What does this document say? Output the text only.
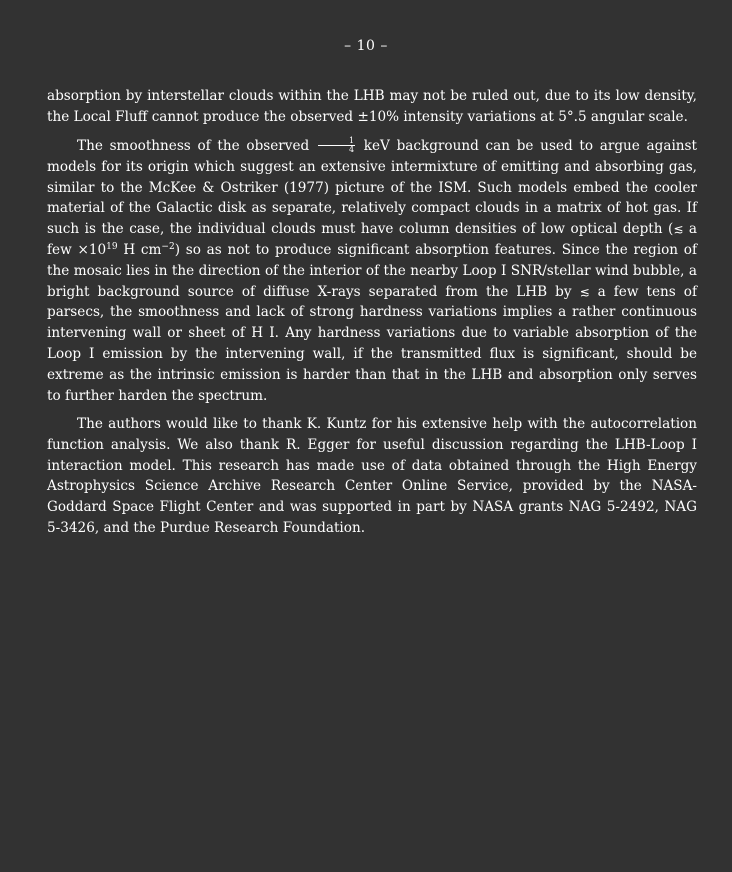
– 10 –

absorption by interstellar clouds within the LHB may not be ruled out, due to its low density, the Local Fluff cannot produce the observed ±10% intensity variations at 5°.5 angular scale.

The smoothness of the observed $\frac{1}{4}$ keV background can be used to argue against models for its origin which suggest an extensive intermixture of emitting and absorbing gas, similar to the McKee & Ostriker (1977) picture of the ISM. Such models embed the cooler material of the Galactic disk as separate, relatively compact clouds in a matrix of hot gas. If such is the case, the individual clouds must have column densities of low optical depth (≲ a few $\times 10^{19}$ H $cm^{-2}$) so as not to produce significant absorption features. Since the region of the mosaic lies in the direction of the interior of the nearby Loop I SNR/stellar wind bubble, a bright background source of diffuse X-rays separated from the LHB by ≲ a few tens of parsecs, the smoothness and lack of strong hardness variations implies a rather continuous intervening wall or sheet of H I. Any hardness variations due to variable absorption of the Loop I emission by the intervening wall, if the transmitted flux is significant, should be extreme as the intrinsic emission is harder than that in the LHB and absorption only serves to further harden the spectrum.

The authors would like to thank K. Kuntz for his extensive help with the autocorrelation function analysis. We also thank R. Egger for useful discussion regarding the LHB-Loop I interaction model. This research has made use of data obtained through the High Energy Astrophysics Science Archive Research Center Online Service, provided by the NASA-Goddard Space Flight Center and was supported in part by NASA grants NAG 5-2492, NAG 5-3426, and the Purdue Research Foundation.
